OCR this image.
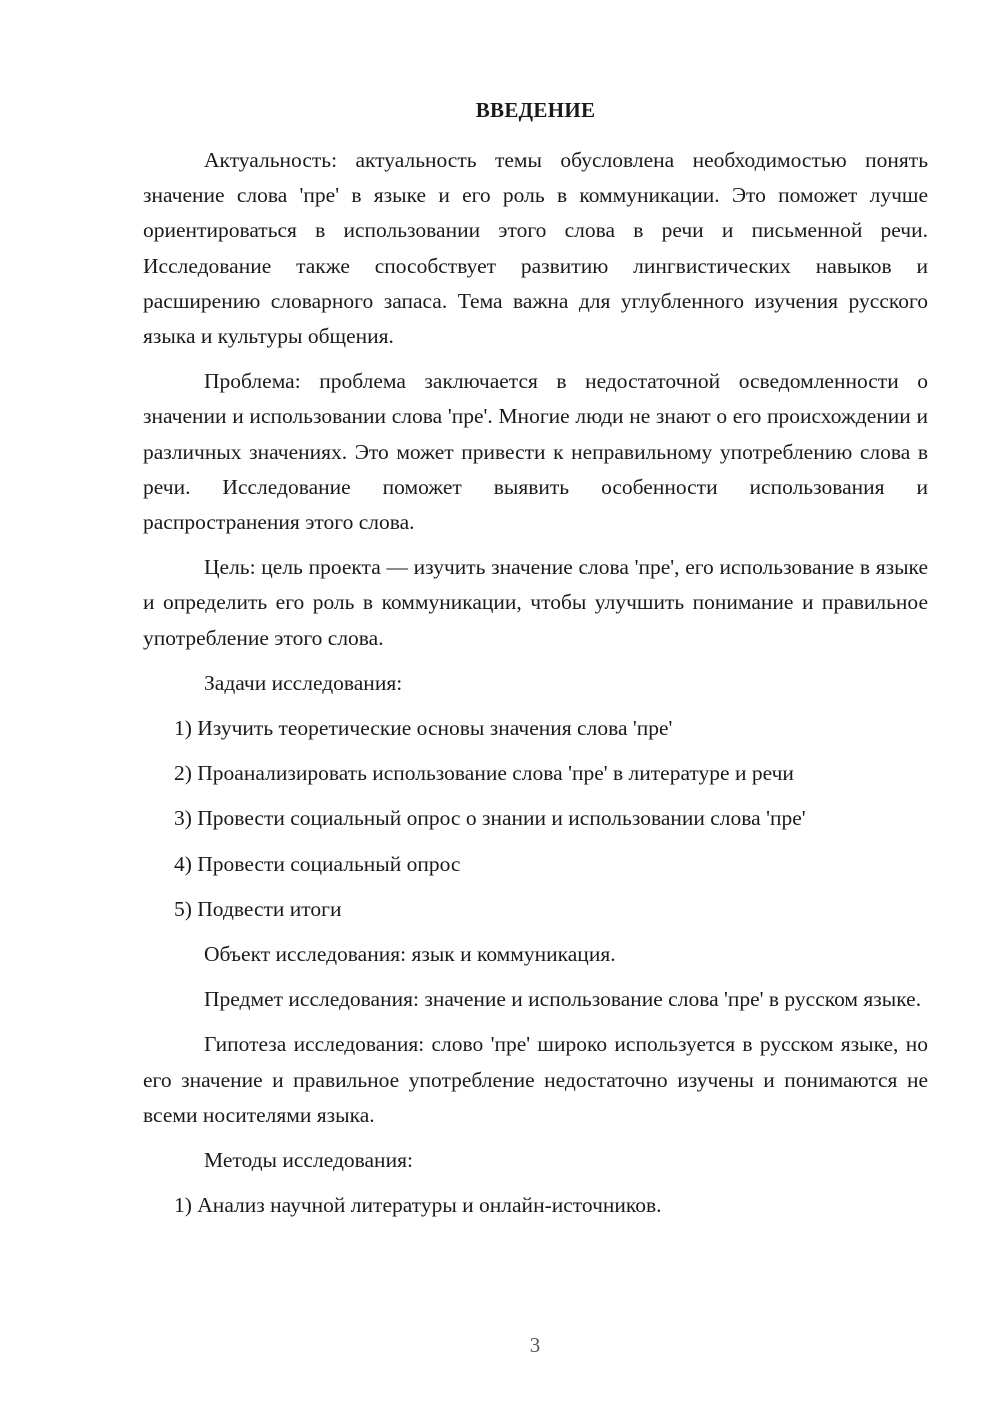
ВВЕДЕНИЕ

Актуальность: актуальность темы обусловлена необходимостью понять значение слова 'пре' в языке и его роль в коммуникации. Это поможет лучше ориентироваться в использовании этого слова в речи и письменной речи. Исследование также способствует развитию лингвистических навыков и расширению словарного запаса. Тема важна для углубленного изучения русского языка и культуры общения.

Проблема: проблема заключается в недостаточной осведомленности о значении и использовании слова 'пре'. Многие люди не знают о его происхождении и различных значениях. Это может привести к неправильному употреблению слова в речи. Исследование поможет выявить особенности использования и распространения этого слова.

Цель: цель проекта — изучить значение слова 'пре', его использование в языке и определить его роль в коммуникации, чтобы улучшить понимание и правильное употребление этого слова.

Задачи исследования:

1) Изучить теоретические основы значения слова 'пре'

2) Проанализировать использование слова 'пре' в литературе и речи

3) Провести социальный опрос о знании и использовании слова 'пре'

4) Провести социальный опрос

5) Подвести итоги

Объект исследования: язык и коммуникация.

Предмет исследования: значение и использование слова 'пре' в русском языке.

Гипотеза исследования: слово 'пре' широко используется в русском языке, но его значение и правильное употребление недостаточно изучены и понимаются не всеми носителями языка.

Методы исследования:

1) Анализ научной литературы и онлайн-источников.

3
